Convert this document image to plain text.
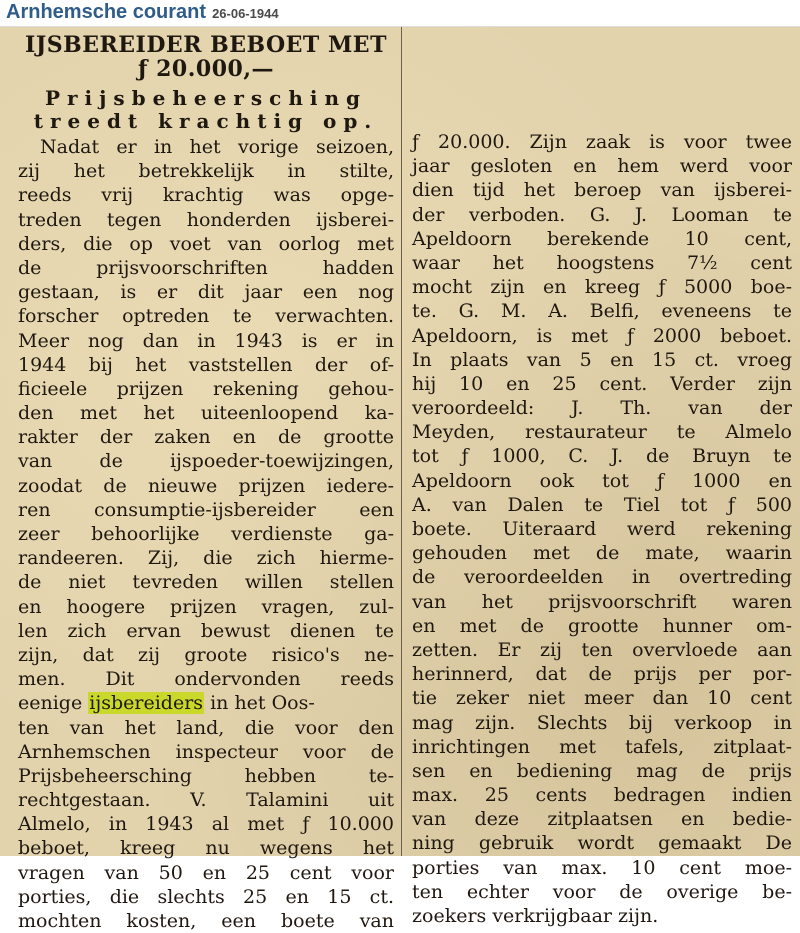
Arnhemsche courant 26-06-1944
IJSBEREIDER BEBOET MET
ƒ 20.000,—
Prijsbeheersching
treedt krachtig op.
Nadat er in het vorige seizoen,
zij het betrekkelijk in stilte,
reeds vrij krachtig was opge-
treden tegen honderden ijsberei-
ders, die op voet van oorlog met
de prijsvoorschriften hadden
gestaan, is er dit jaar een nog
forscher optreden te verwachten.
Meer nog dan in 1943 is er in
1944 bij het vaststellen der of-
ficieele prijzen rekening gehou-
den met het uiteenloopend ka-
rakter der zaken en de grootte
van de ijspoeder-toewijzingen,
zoodat de nieuwe prijzen iedere-
ren consumptie-ijsbereider een
zeer behoorlijke verdienste ga-
randeeren. Zij, die zich hierme-
de niet tevreden willen stellen
en hoogere prijzen vragen, zul-
len zich ervan bewust dienen te
zijn, dat zij groote risico's ne-
men. Dit ondervonden reeds
eenige ijsbereiders in het Oos-
ten van het land, die voor den
Arnhemschen inspecteur voor de
Prijsbeheersching hebben te-
rechtgestaan. V. Talamini uit
Almelo, in 1943 al met ƒ 10.000
beboet, kreeg nu wegens het
vragen van 50 en 25 cent voor
porties, die slechts 25 en 15 ct.
mochten kosten, een boete van
ƒ 20.000. Zijn zaak is voor twee
jaar gesloten en hem werd voor
dien tijd het beroep van ijsberei-
der verboden. G. J. Looman te
Apeldoorn berekende 10 cent,
waar het hoogstens 7½ cent
mocht zijn en kreeg ƒ 5000 boe-
te. G. M. A. Belfi, eveneens te
Apeldoorn, is met ƒ 2000 beboet.
In plaats van 5 en 15 ct. vroeg
hij 10 en 25 cent. Verder zijn
veroordeeld: J. Th. van der
Meyden, restaurateur te Almelo
tot ƒ 1000, C. J. de Bruyn te
Apeldoorn ook tot ƒ 1000 en
A. van Dalen te Tiel tot ƒ 500
boete. Uiteraard werd rekening
gehouden met de mate, waarin
de veroordeelden in overtreding
van het prijsvoorschrift waren
en met de grootte hunner om-
zetten. Er zij ten overvloede aan
herinnerd, dat de prijs per por-
tie zeker niet meer dan 10 cent
mag zijn. Slechts bij verkoop in
inrichtingen met tafels, zitplaat-
sen en bediening mag de prijs
max. 25 cents bedragen indien
van deze zitplaatsen en bedie-
ning gebruik wordt gemaakt De
porties van max. 10 cent moe-
ten echter voor de overige be-
zoekers verkrijgbaar zijn.
